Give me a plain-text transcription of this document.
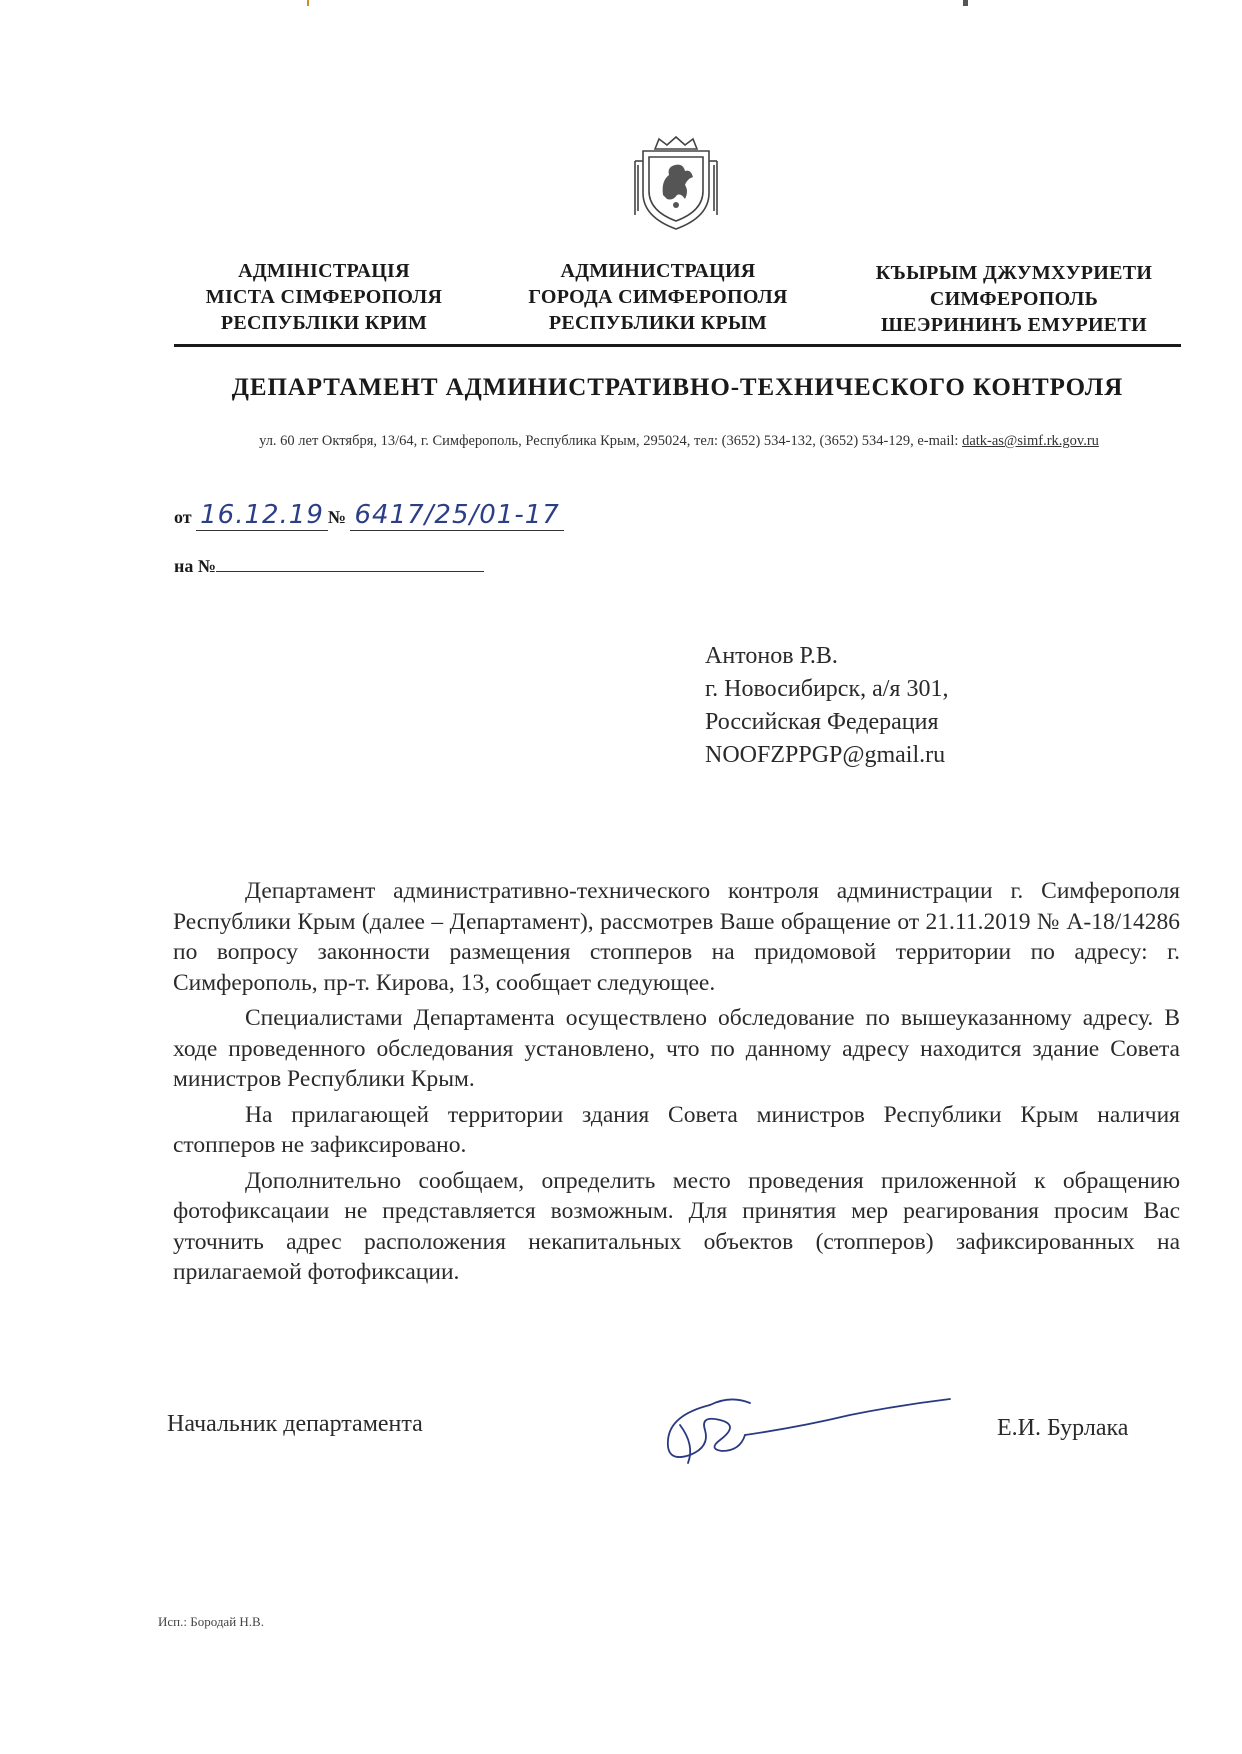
АДМІНІСТРАЦІЯ
МІСТА СІМФЕРОПОЛЯ
РЕСПУБЛІКИ КРИМ
АДМИНИСТРАЦИЯ
ГОРОДА СИМФЕРОПОЛЯ
РЕСПУБЛИКИ КРЫМ
КЪЫРЫМ ДЖУМХУРИЕТИ
СИМФЕРОПОЛЬ
ШЕЭРИНИНЪ ЕМУРИЕТИ
ДЕПАРТАМЕНТ АДМИНИСТРАТИВНО-ТЕХНИЧЕСКОГО КОНТРОЛЯ
ул. 60 лет Октября, 13/64, г. Симферополь, Республика Крым, 295024, тел: (3652) 534-132, (3652) 534-129, e-mail: datk-as@simf.rk.gov.ru
от 16.12.19 № 6417/25/01-17
на №
Антонов Р.В.
г. Новосибирск, а/я 301,
Российская Федерация
NOOFZPPGP@gmail.ru

Департамент административно-технического контроля администрации г. Симферополя Республики Крым (далее – Департамент), рассмотрев Ваше обращение от 21.11.2019 № А-18/14286 по вопросу законности размещения стопперов на придомовой территории по адресу: г. Симферополь, пр-т. Кирова, 13, сообщает следующее.

Специалистами Департамента осуществлено обследование по вышеуказанному адресу. В ходе проведенного обследования установлено, что по данному адресу находится здание Совета министров Республики Крым.

На прилагающей территории здания Совета министров Республики Крым наличия стопперов не зафиксировано.

Дополнительно сообщаем, определить место проведения приложенной к обращению фотофиксацаии не представляется возможным. Для принятия мер реагирования просим Вас уточнить адрес расположения некапитальных объектов (стопперов) зафиксированных на прилагаемой фотофиксации.

Начальник департамента	Е.И. Бурлака
Исп.: Бородай Н.В.
